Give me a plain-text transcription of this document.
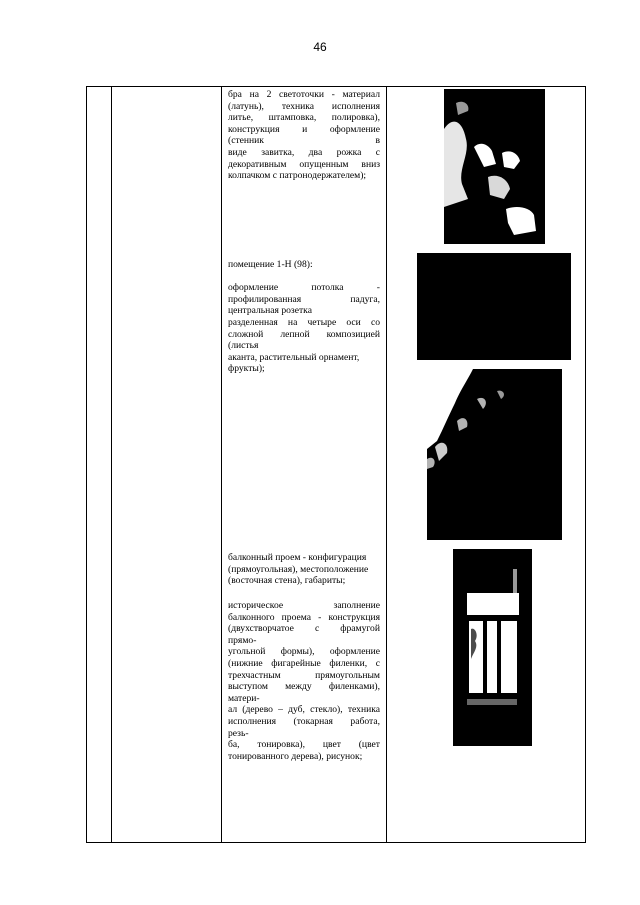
46

бра на 2 светоточки - материал

(латунь), техника исполнения

литье, штамповка, полировка),

конструкция и оформление

(стенник в

виде завитка, два рожка с

декоративным опущенным вниз

колпачком с патронодержателем);

помещение 1-Н (98):

оформление потолка -

профилированная падуга,

центральная розетка

разделенная на четыре оси со

сложной лепной композицией

(листья

аканта, растительный орнамент,

фрукты);

балконный проем - конфигурация

(прямоугольная), местоположение

(восточная стена), габариты;

историческое заполнение

балконного проема - конструкция

(двухстворчатое с фрамугой

прямо-

угольной формы), оформление

(нижние фигарейные филенки, с

трехчастным прямоугольным

выступом между филенками),

матери-

ал (дерево – дуб, стекло), техника

исполнения (токарная работа,

резь-

ба, тонировка), цвет (цвет

тонированного дерева), рисунок;
